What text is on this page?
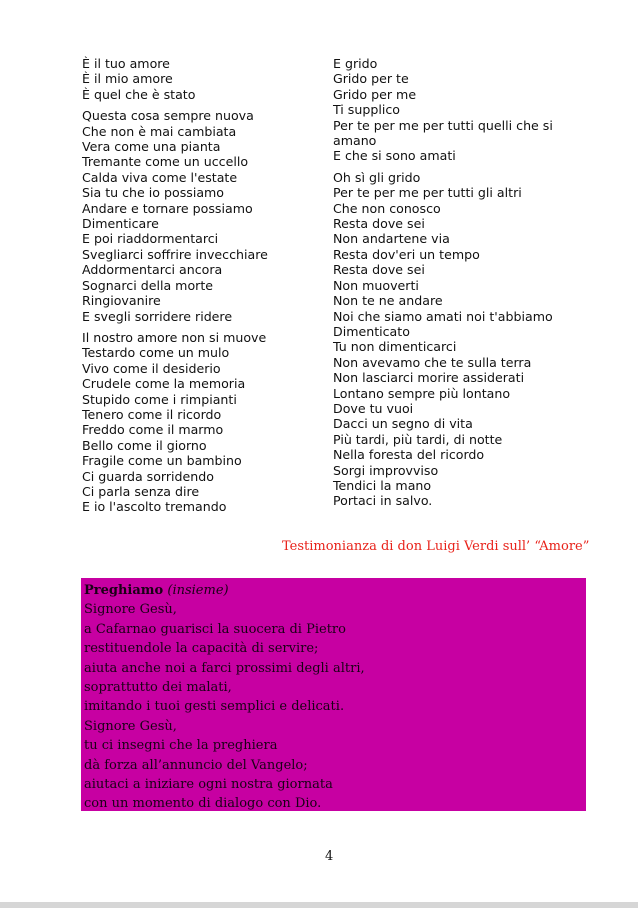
È il tuo amore
È il mio amore
È quel che è stato
Questa cosa sempre nuova
Che non è mai cambiata
Vera come una pianta
Tremante come un uccello
Calda viva come l'estate
Sia tu che io possiamo
Andare e tornare possiamo
Dimenticare
E poi riaddormentarci
Svegliarci soffrire invecchiare
Addormentarci ancora
Sognarci della morte
Ringiovanire
E svegli sorridere ridere
Il nostro amore non si muove
Testardo come un mulo
Vivo come il desiderio
Crudele come la memoria
Stupido come i rimpianti
Tenero come il ricordo
Freddo come il marmo
Bello come il giorno
Fragile come un bambino
Ci guarda sorridendo
Ci parla senza dire
E io l'ascolto tremando
E grido
Grido per te
Grido per me
Ti supplico
Per te per me per tutti quelli che si amano
E che si sono amati
Oh sì gli grido
Per te per me per tutti gli altri
Che non conosco
Resta dove sei
Non andartene via
Resta dov'eri un tempo
Resta dove sei
Non muoverti
Non te ne andare
Noi che siamo amati noi t'abbiamo
Dimenticato
Tu non dimenticarci
Non avevamo che te sulla terra
Non lasciarci morire assiderati
Lontano sempre più lontano
Dove tu vuoi
Dacci un segno di vita
Più tardi, più tardi, di notte
Nella foresta del ricordo
Sorgi improvviso
Tendici la mano
Portaci in salvo.
Testimonianza di don Luigi Verdi sull’ “Amore”
Preghiamo (insieme)
Signore Gesù,
a Cafarnao guarisci la suocera di Pietro
restituendole la capacità di servire;
aiuta anche noi a farci prossimi degli altri,
soprattutto dei malati,
imitando i tuoi gesti semplici e delicati.
Signore Gesù,
tu ci insegni che la preghiera
dà forza all’annuncio del Vangelo;
aiutaci a iniziare ogni nostra giornata
con un momento di dialogo con Dio.
4
